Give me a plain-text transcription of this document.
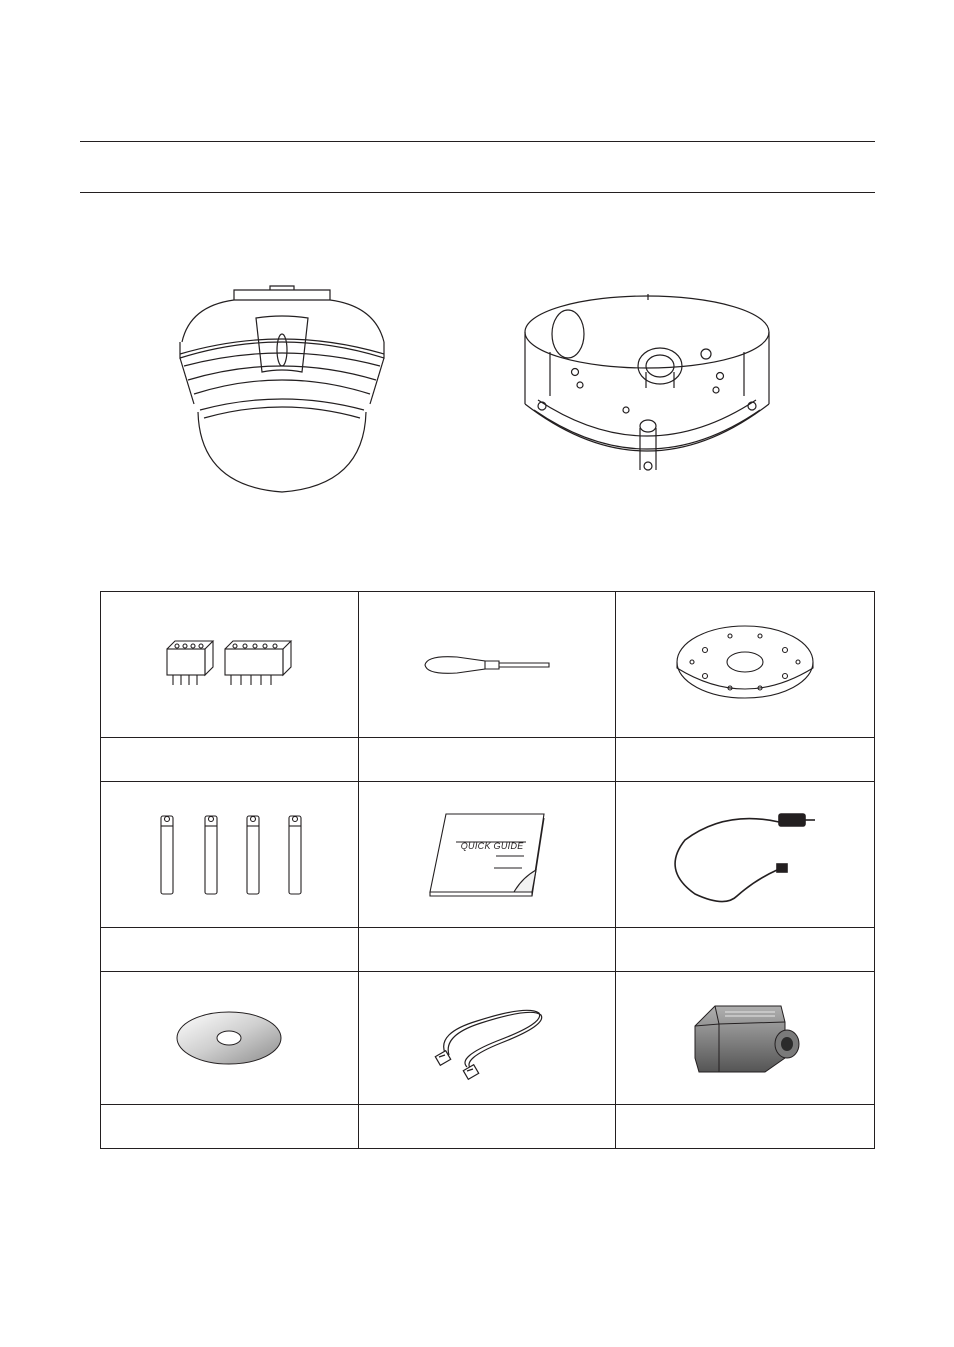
QUICK GUIDE
